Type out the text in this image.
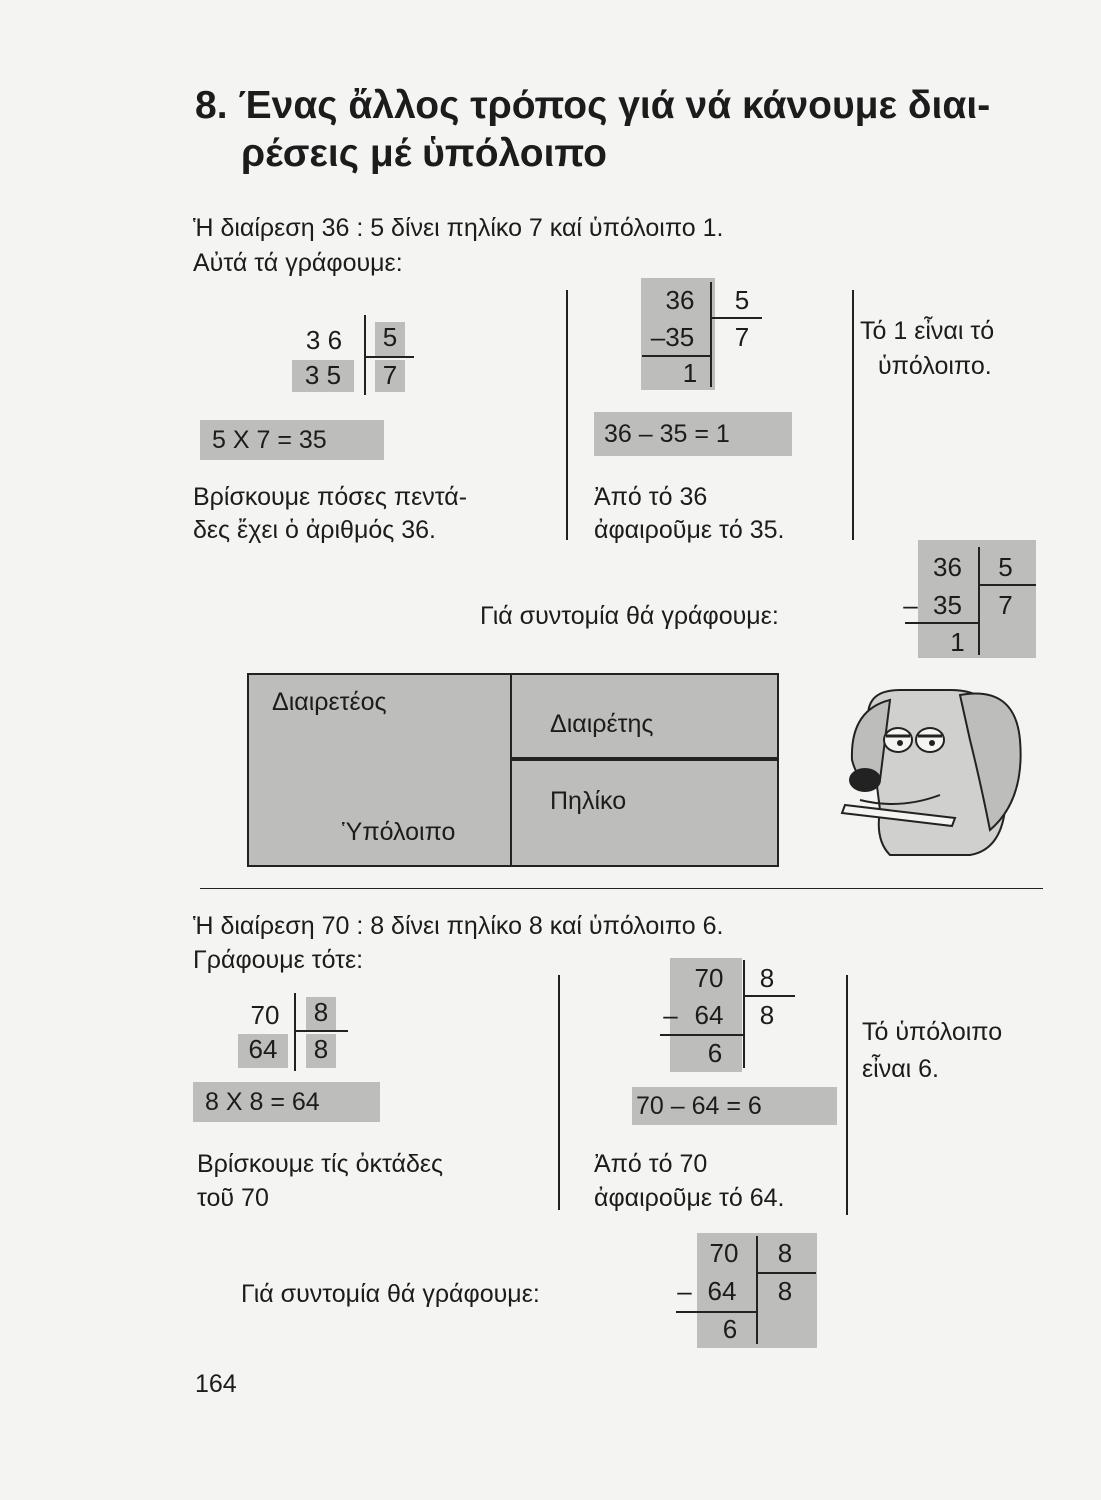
8. Ένας ἄλλος τρόπος γιά νά κάνουμε διαι-
ρέσεις μέ ὑπόλοιπο
Ἡ διαίρεση 36 : 5 δίνει πηλίκο 7 καί ὑπόλοιπο 1.
Αὐτά τά γράφουμε:
3 6	5
3 5	7
5 X 7 = 35
Βρίσκουμε πόσες πεντά-
δες ἔχει ὁ ἀριθμός 36.
36	5
–35	7
1
36 – 35 = 1
Ἀπό τό 36
ἀφαιροῦμε τό 35.
Τό 1 εἶναι τό
ὑπόλοιπο.
Γιά συντομία θά γράφουμε:
36	5
– 35	7
1
Διαιρετέος
Διαιρέτης
Πηλίκο
Ὑπόλοιπο
Ἡ διαίρεση 70 : 8 δίνει πηλίκο 8 καί ὑπόλοιπο 6.
Γράφουμε τότε:
70	8
64	8
8 X 8 = 64
Βρίσκουμε τίς ὀκτάδες
τοῦ 70
70	8
– 64	8
6
70 – 64 = 6
Ἀπό τό 70
ἀφαιροῦμε τό 64.
Τό ὑπόλοιπο
εἶναι 6.
Γιά συντομία θά γράφουμε:
70	8
– 64	8
6
164
